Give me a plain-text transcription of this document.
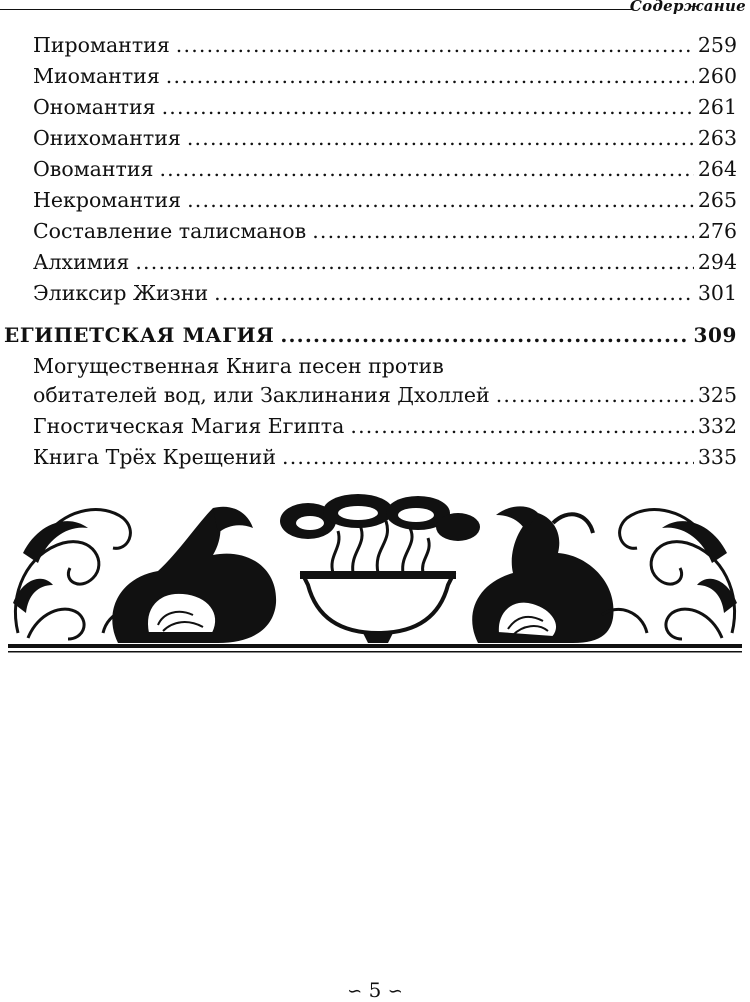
Содержание
Пиромантия .....	259
Миомантия .....	260
Ономантия .....	261
Онихомантия .....	263
Овомантия .....	264
Некромантия .....	265
Составление талисманов .....	276
Алхимия .....	294
Эликсир Жизни .....	301
ЕГИПЕТСКАЯ МАГИЯ .....	309
Могущественная Книга песен против
обитателей вод, или Заклинания Дхоллей .....	325
Гностическая Магия Египта .....	332
Книга Трёх Крещений .....	335
∽ 5 ∽
